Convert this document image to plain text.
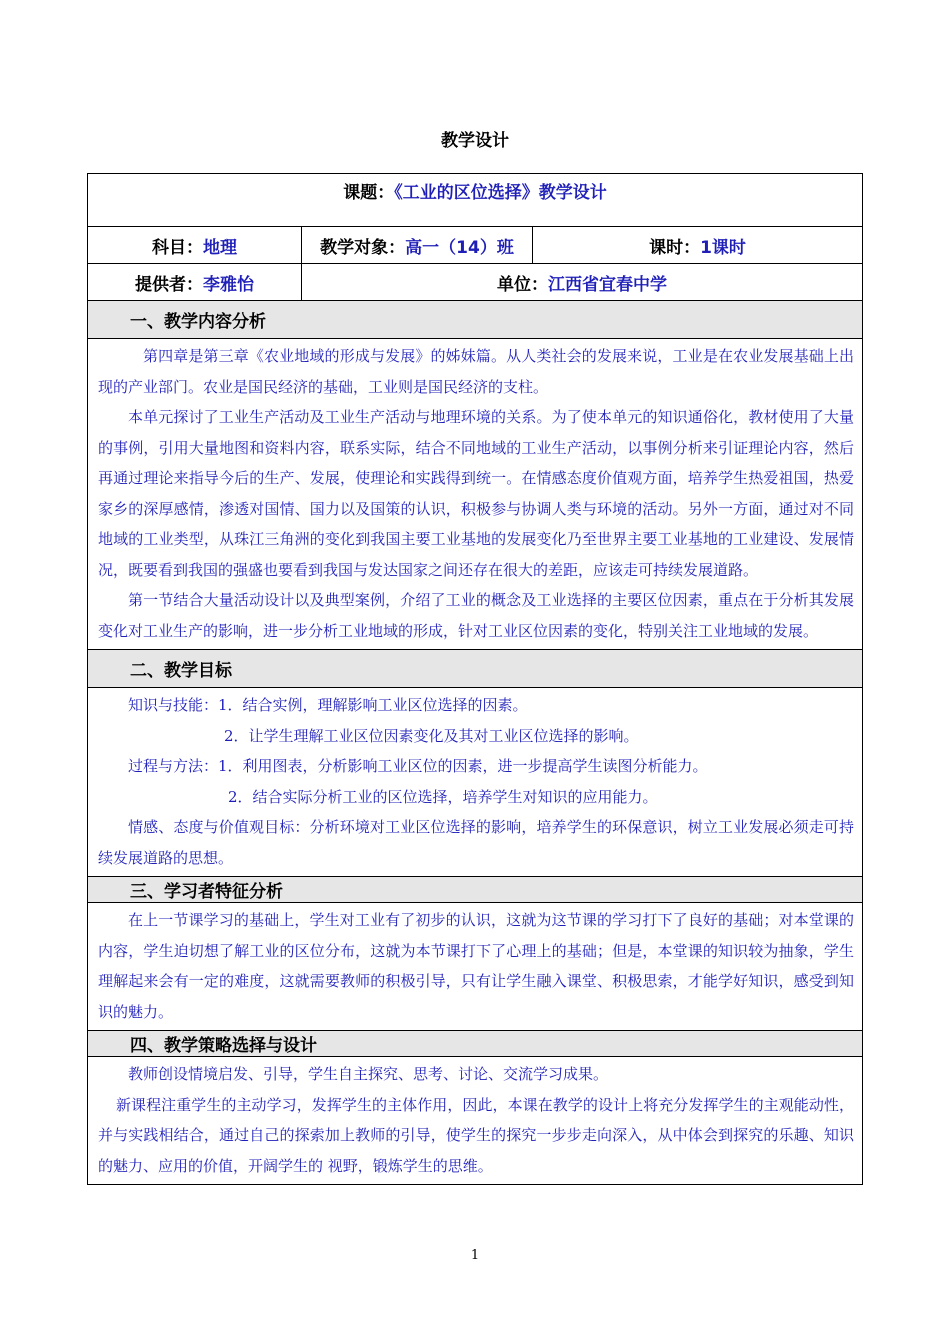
教学设计
课题：《工业的区位选择》教学设计		
科目：地理	教学对象：高一（14）班	课时：1课时
提供者：李雅怡	单位：江西省宜春中学	
一、教学内容分析		

第四章是第三章《农业地域的形成与发展》的姊妹篇。从人类社会的发展来说，工业是在农业发展基础上出现的产业部门。农业是国民经济的基础，工业则是国民经济的支柱。

本单元探讨了工业生产活动及工业生产活动与地理环境的关系。为了使本单元的知识通俗化，教材使用了大量的事例，引用大量地图和资料内容，联系实际，结合不同地域的工业生产活动，以事例分析来引证理论内容，然后再通过理论来指导今后的生产、发展，使理论和实践得到统一。在情感态度价值观方面，培养学生热爱祖国，热爱家乡的深厚感情，渗透对国情、国力以及国策的认识，积极参与协调人类与环境的活动。另外一方面，通过对不同地域的工业类型，从珠江三角洲的变化到我国主要工业基地的发展变化乃至世界主要工业基地的工业建设、发展情况，既要看到我国的强盛也要看到我国与发达国家之间还存在很大的差距，应该走可持续发展道路。

第一节结合大量活动设计以及典型案例，介绍了工业的概念及工业选择的主要区位因素，重点在于分析其发展变化对工业生产的影响，进一步分析工业地域的形成，针对工业区位因素的变化，特别关注工业地域的发展。		

二、教学目标		

知识与技能：1．结合实例，理解影响工业区位选择的因素。

2．让学生理解工业区位因素变化及其对工业区位选择的影响。

过程与方法：1．利用图表，分析影响工业区位的因素，进一步提高学生读图分析能力。

2．结合实际分析工业的区位选择，培养学生对知识的应用能力。

情感、态度与价值观目标：分析环境对工业区位选择的影响，培养学生的环保意识，树立工业发展必须走可持续发展道路的思想。		

三、学习者特征分析		

在上一节课学习的基础上，学生对工业有了初步的认识，这就为这节课的学习打下了良好的基础；对本堂课的内容，学生迫切想了解工业的区位分布，这就为本节课打下了心理上的基础；但是，本堂课的知识较为抽象，学生理解起来会有一定的难度，这就需要教师的积极引导，只有让学生融入课堂、积极思索，才能学好知识，感受到知识的魅力。		

四、教学策略选择与设计		

教师创设情境启发、引导，学生自主探究、思考、讨论、交流学习成果。

新课程注重学生的主动学习，发挥学生的主体作用，因此，本课在教学的设计上将充分发挥学生的主观能动性，并与实践相结合，通过自己的探索加上教师的引导，使学生的探究一步步走向深入，从中体会到探究的乐趣、知识的魅力、应用的价值，开阔学生的 视野，锻炼学生的思维。		

1
